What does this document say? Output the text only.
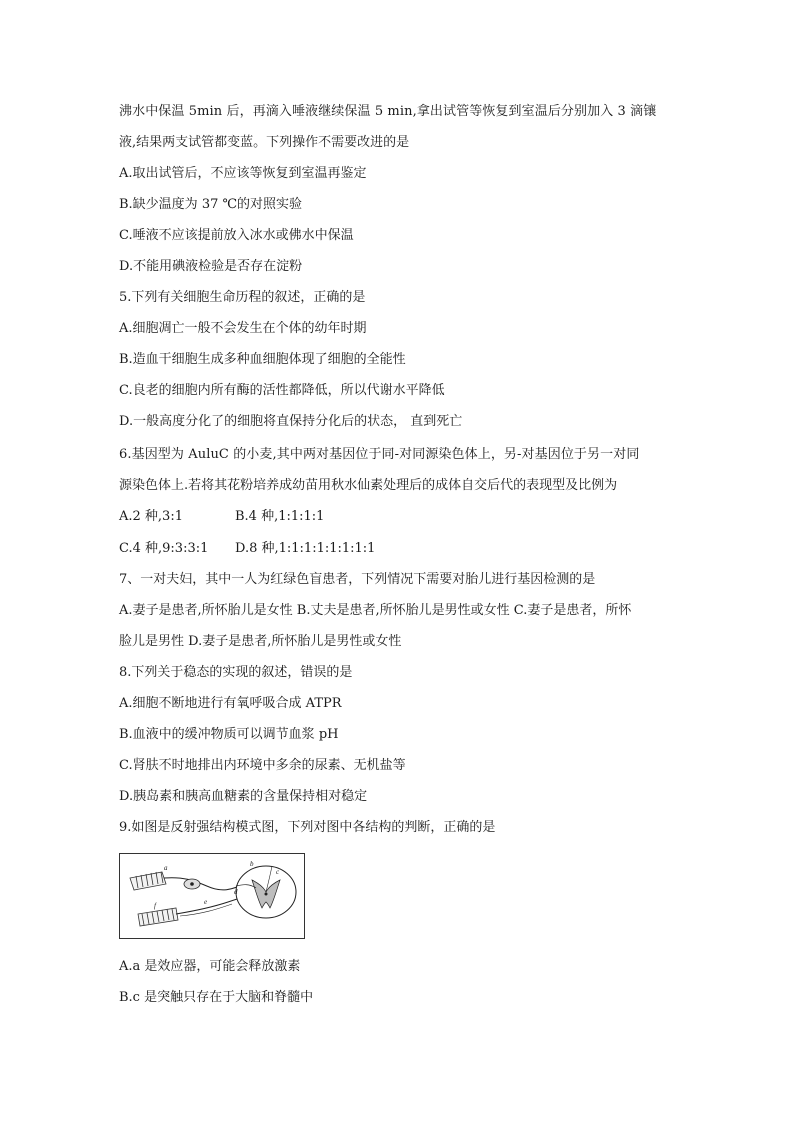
沸水中保温 5min 后，再滴入唾液继续保温 5 min,拿出试管等恢复到室温后分别加入 3 滴镶
液,结果两支试管都变蓝。下列操作不需要改进的是
A.取出试管后，不应该等恢复到室温再鉴定
B.缺少温度为 37 ℃的对照实验
C.唾液不应该提前放入冰水或佛水中保温
D.不能用碘液检验是否存在淀粉
5.下列有关细胞生命历程的叙述，正确的是
A.细胞凋亡一般不会发生在个体的幼年时期
B.造血干细胞生成多种血细胞体现了细胞的全能性
C.良老的细胞内所有酶的活性都降低，所以代谢水平降低
D.一般高度分化了的细胞将直保持分化后的状态， 直到死亡
6.基因型为 AuluC 的小麦,其中两对基因位于同-对同源染色体上，另-对基因位于另一对同
源染色体上.若将其花粉培养成幼苗用秋水仙素处理后的成体自交后代的表现型及比例为
A.2 种,3:1	B.4 种,1:1:1:1
C.4 种,9:3:3:1 D.8 种,1:1:1:1:1:1:1:1
7、一对夫妇，其中一人为红绿色盲患者，下列情况下需要对胎儿进行基因检测的是
A.妻子是患者,所怀胎儿是女性 B.丈夫是患者,所怀胎儿是男性或女性 C.妻子是患者，所怀
脸儿是男性 D.妻子是患者,所怀胎儿是男性或女性
8.下列关于稳态的实现的叙述，错误的是
A.细胞不断地进行有氧呼吸合成 ATPR
B.血液中的缓冲物质可以调节血浆 pH
C.肾肤不时地排出内环境中多余的尿素、无机盐等
D.胰岛素和胰高血糖素的含量保持相对稳定
9.如图是反射强结构模式图，下列对图中各结构的判断，正确的是
a	b
c
d
e
f
A.a 是效应器，可能会释放激素
B.c 是突触只存在于大脑和脊髓中
